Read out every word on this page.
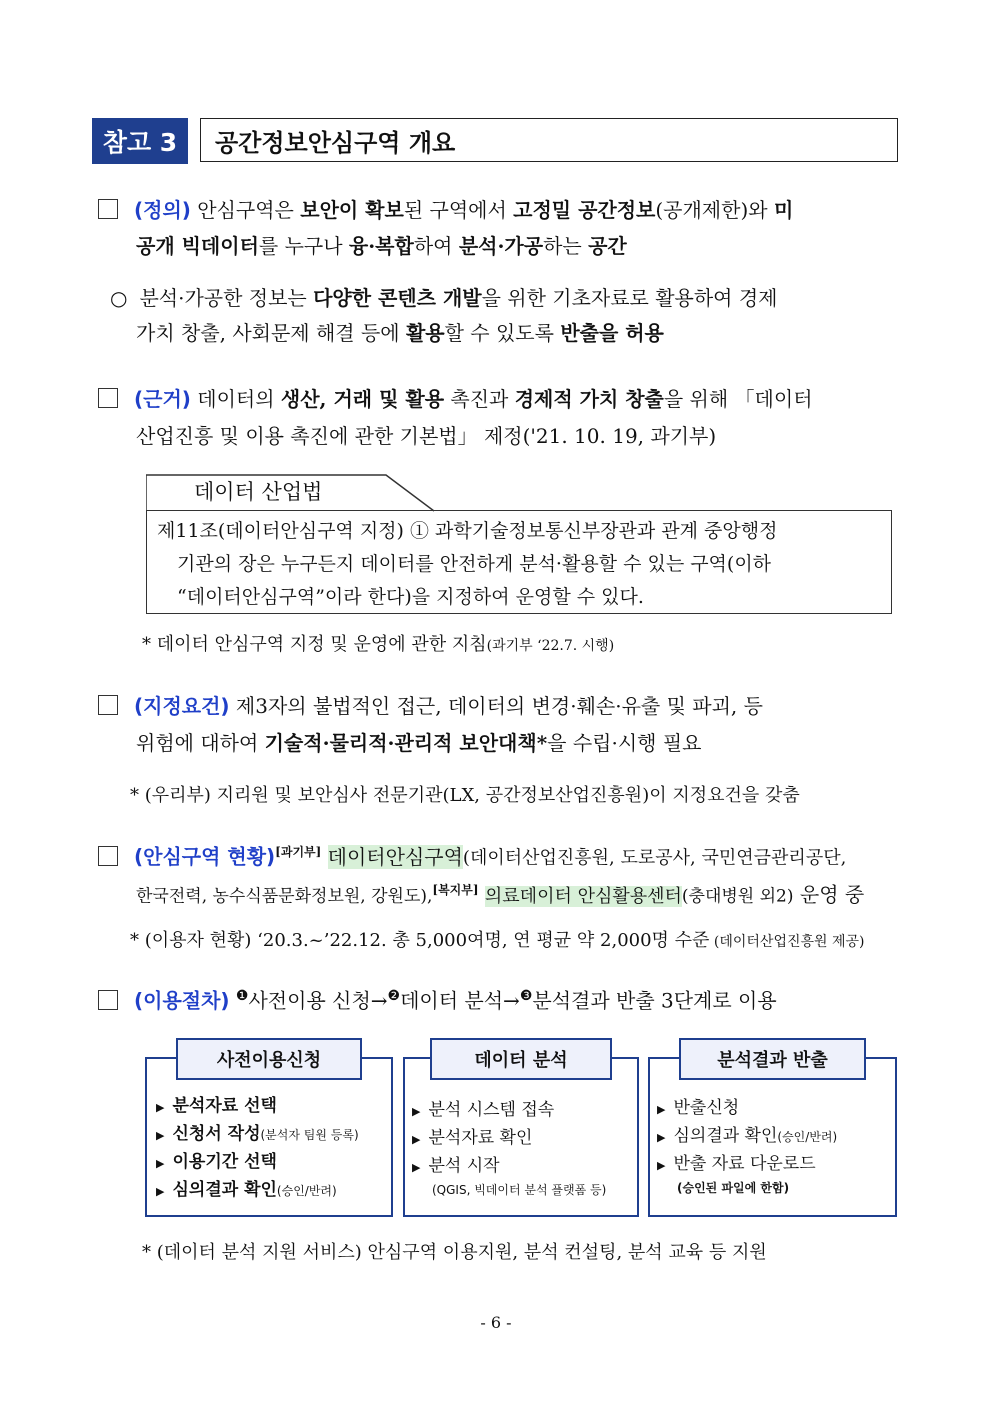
참고 3	공간정보안심구역 개요
(정의) 안심구역은 보안이 확보된 구역에서 고정밀 공간정보(공개제한)와 미
공개 빅데이터를 누구나 융·복합하여 분석·가공하는 공간
○ 분석·가공한 정보는 다양한 콘텐츠 개발을 위한 기초자료로 활용하여 경제
가치 창출, 사회문제 해결 등에 활용할 수 있도록 반출을 허용
(근거) 데이터의 생산, 거래 및 활용 촉진과 경제적 가치 창출을 위해 「데이터
산업진흥 및 이용 촉진에 관한 기본법」 제정('21. 10. 19, 과기부)
데이터 산업법
제11조(데이터안심구역 지정) ① 과학기술정보통신부장관과 관계 중앙행정
기관의 장은 누구든지 데이터를 안전하게 분석·활용할 수 있는 구역(이하
“데이터안심구역”이라 한다)을 지정하여 운영할 수 있다.
* 데이터 안심구역 지정 및 운영에 관한 지침(과기부 ‘22.7. 시행)
(지정요건) 제3자의 불법적인 접근, 데이터의 변경·훼손·유출 및 파괴, 등
위험에 대하여 기술적·물리적·관리적 보안대책*을 수립·시행 필요
* (우리부) 지리원 및 보안심사 전문기관(LX, 공간정보산업진흥원)이 지정요건을 갖춤
(안심구역 현황)[과기부] 데이터안심구역(데이터산업진흥원, 도로공사, 국민연금관리공단,
한국전력, 농수식품문화정보원, 강원도),[복지부] 의료데이터 안심활용센터(충대병원 외2) 운영 중
* (이용자 현황) ‘20.3.~’22.12. 총 5,000여명, 연 평균 약 2,000명 수준 (데이터산업진흥원 제공)
(이용절차) $^❶$사전이용 신청→$^❷$데이터 분석→$^❸$분석결과 반출 3단계로 이용
사전이용신청
▶ 분석자료 선택
▶ 신청서 작성(분석자 팀원 등록)
▶ 이용기간 선택
▶ 심의결과 확인(승인/반려)
데이터 분석
▶ 분석 시스템 접속
▶ 분석자료 확인
▶ 분석 시작
(QGIS, 빅데이터 분석 플랫폼 등)
분석결과 반출
▶ 반출신청
▶ 심의결과 확인(승인/반려)
▶ 반출 자료 다운로드
(승인된 파일에 한함)
* (데이터 분석 지원 서비스) 안심구역 이용지원, 분석 컨설팅, 분석 교육 등 지원
- 6 -
